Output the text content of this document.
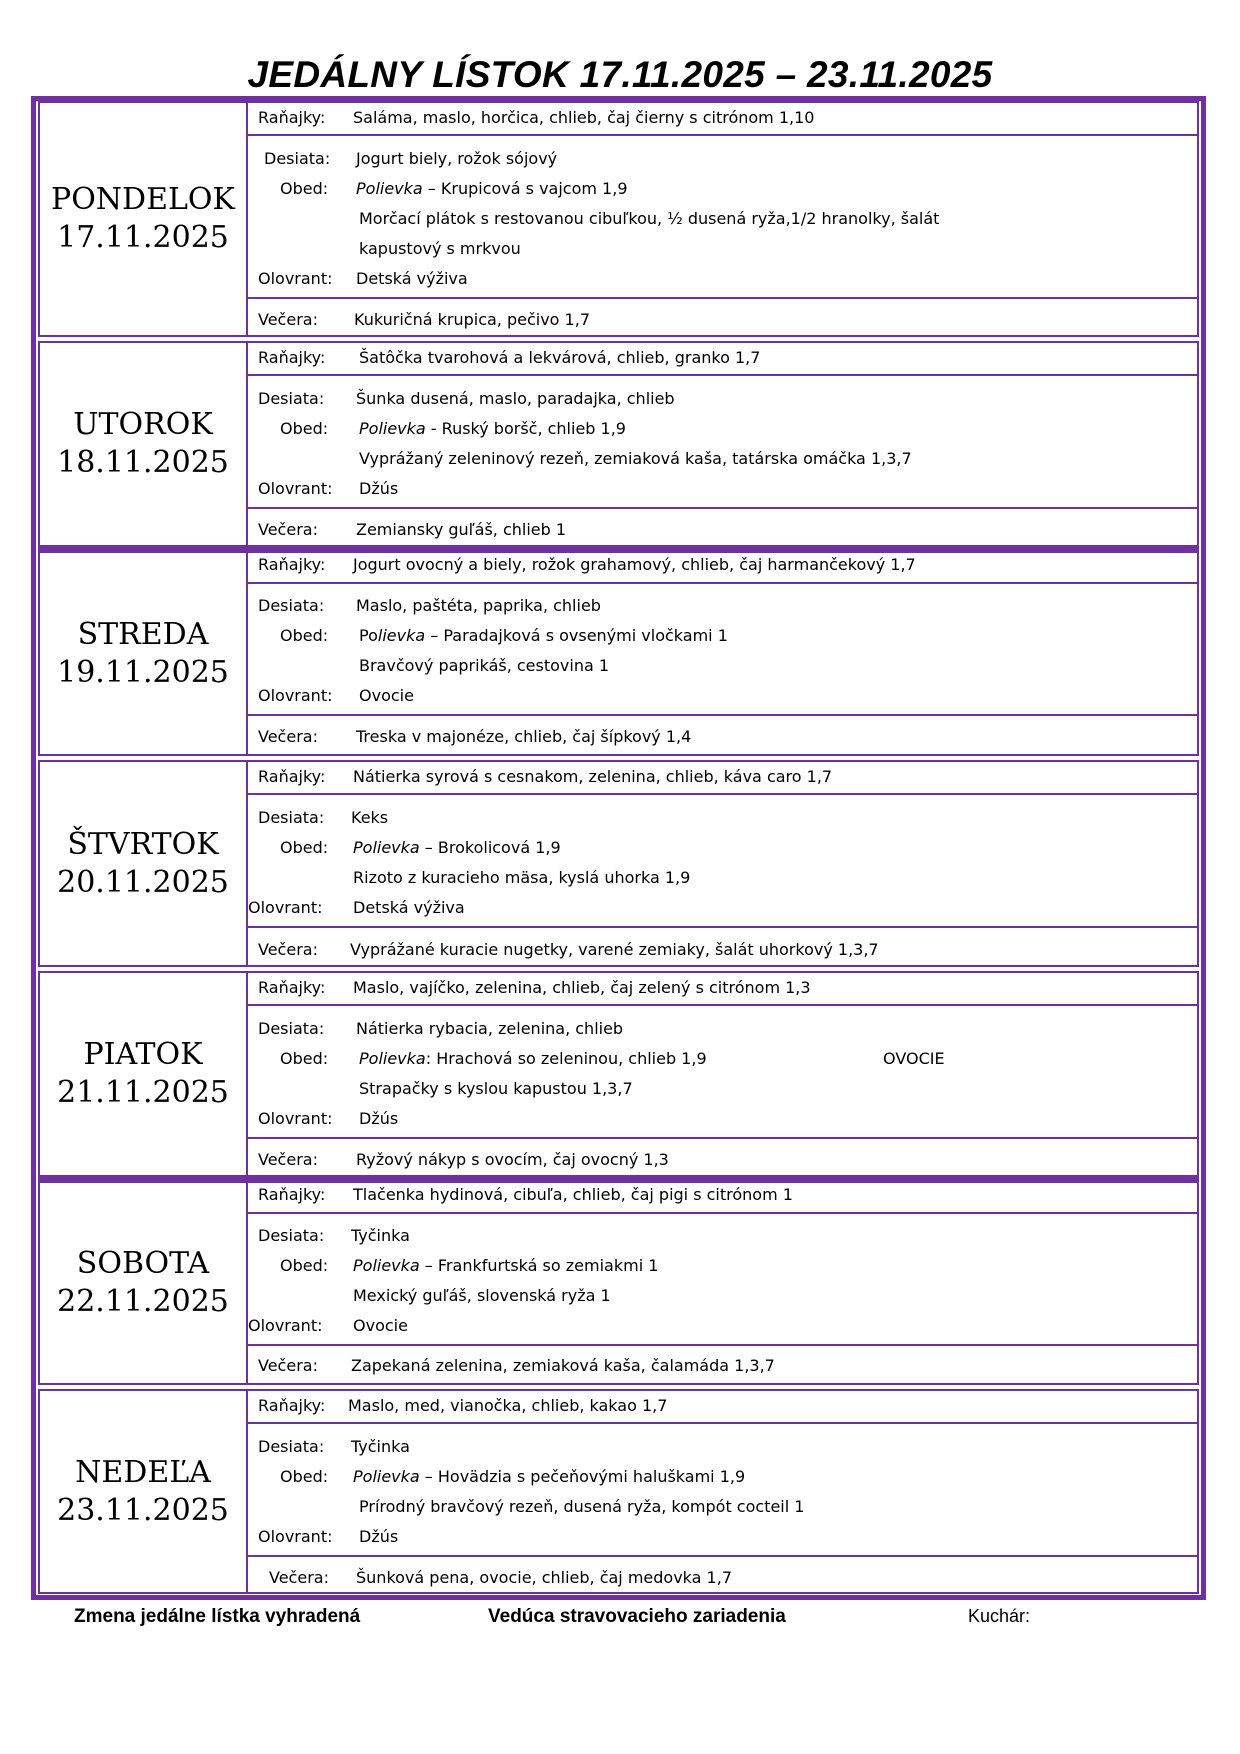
JEDÁLNY LÍSTOK 17.11.2025 – 23.11.2025
PONDELOK
17.11.2025
Raňajky: Saláma, maslo, horčica, chlieb, čaj čierny s citrónom 1,10
Desiata: Jogurt biely, rožok sójový
Obed: Polievka – Krupicová s vajcom 1,9
Morčací plátok s restovanou cibuľkou, ½ dusená ryža,1/2 hranolky, šalát
kapustový s mrkvou
Olovrant: Detská výživa
Večera: Kukuričná krupica, pečivo 1,7
UTOROK
18.11.2025
Raňajky: Šatôčka tvarohová a lekvárová, chlieb, granko 1,7
Desiata: Šunka dusená, maslo, paradajka, chlieb
Obed: Polievka - Ruský boršč, chlieb 1,9
Vyprážaný zeleninový rezeň, zemiaková kaša, tatárska omáčka 1,3,7
Olovrant: Džús
Večera: Zemiansky guľáš, chlieb 1
STREDA
19.11.2025
Raňajky: Jogurt ovocný a biely, rožok grahamový, chlieb, čaj harmančekový 1,7
Desiata: Maslo, paštéta, paprika, chlieb
Obed: Polievka – Paradajková s ovsenými vločkami 1
Bravčový paprikáš, cestovina 1
Olovrant: Ovocie
Večera: Treska v majonéze, chlieb, čaj šípkový 1,4
ŠTVRTOK
20.11.2025
Raňajky: Nátierka syrová s cesnakom, zelenina, chlieb, káva caro 1,7
Desiata: Keks
Obed: Polievka – Brokolicová 1,9
Rizoto z kuracieho mäsa, kyslá uhorka 1,9
Olovrant: Detská výživa
Večera: Vyprážané kuracie nugetky, varené zemiaky, šalát uhorkový 1,3,7
PIATOK
21.11.2025
Raňajky: Maslo, vajíčko, zelenina, chlieb, čaj zelený s citrónom 1,3
Desiata: Nátierka rybacia, zelenina, chlieb
Obed: Polievka: Hrachová so zeleninou, chlieb 1,9	OVOCIE
Strapačky s kyslou kapustou 1,3,7
Olovrant: Džús
Večera: Ryžový nákyp s ovocím, čaj ovocný 1,3
SOBOTA
22.11.2025
Raňajky: Tlačenka hydinová, cibuľa, chlieb, čaj pigi s citrónom 1
Desiata: Tyčinka
Obed: Polievka – Frankfurtská so zemiakmi 1
Mexický guľáš, slovenská ryža 1
Olovrant: Ovocie
Večera: Zapekaná zelenina, zemiaková kaša, čalamáda 1,3,7
NEDEĽA
23.11.2025
Raňajky: Maslo, med, vianočka, chlieb, kakao 1,7
Desiata: Tyčinka
Obed: Polievka – Hovädzia s pečeňovými haluškami 1,9
Prírodný bravčový rezeň, dusená ryža, kompót cocteil 1
Olovrant: Džús
Večera: Šunková pena, ovocie, chlieb, čaj medovka 1,7
Zmena jedálne lístka vyhradená	Vedúca stravovacieho zariadenia	Kuchár:
